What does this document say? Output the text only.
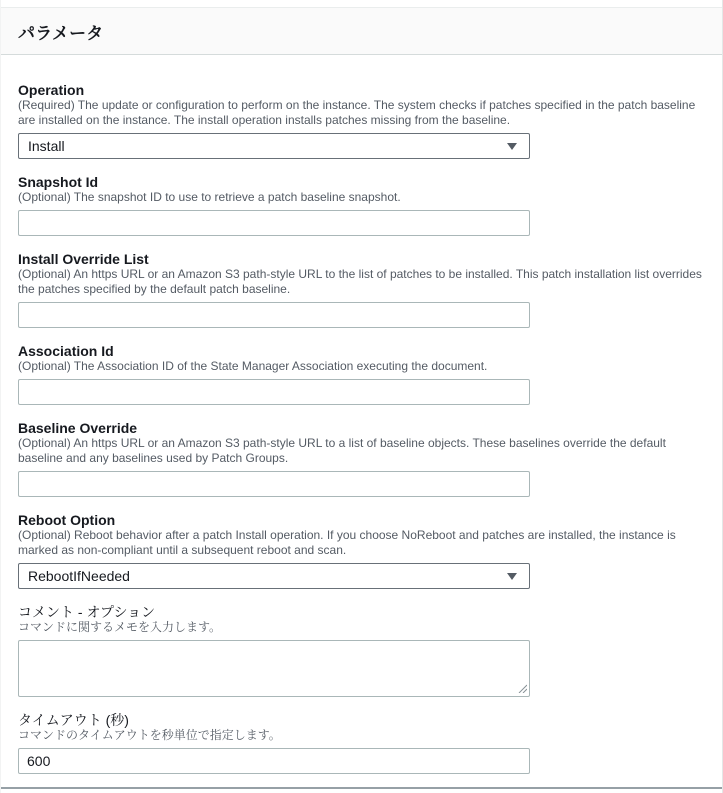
パラメータ
Operation
(Required) The update or configuration to perform on the instance. The system checks if patches specified in the patch baseline are installed on the instance. The install operation installs patches missing from the baseline.
Install
Snapshot Id
(Optional) The snapshot ID to use to retrieve a patch baseline snapshot.
Install Override List
(Optional) An https URL or an Amazon S3 path-style URL to the list of patches to be installed. This patch installation list overrides the patches specified by the default patch baseline.
Association Id
(Optional) The Association ID of the State Manager Association executing the document.
Baseline Override
(Optional) An https URL or an Amazon S3 path-style URL to a list of baseline objects. These baselines override the default baseline and any baselines used by Patch Groups.
Reboot Option
(Optional) Reboot behavior after a patch Install operation. If you choose NoReboot and patches are installed, the instance is marked as non-compliant until a subsequent reboot and scan.
RebootIfNeeded
コメント - オプション
コマンドに関するメモを入力します。
タイムアウト (秒)
コマンドのタイムアウトを秒単位で指定します。
600
